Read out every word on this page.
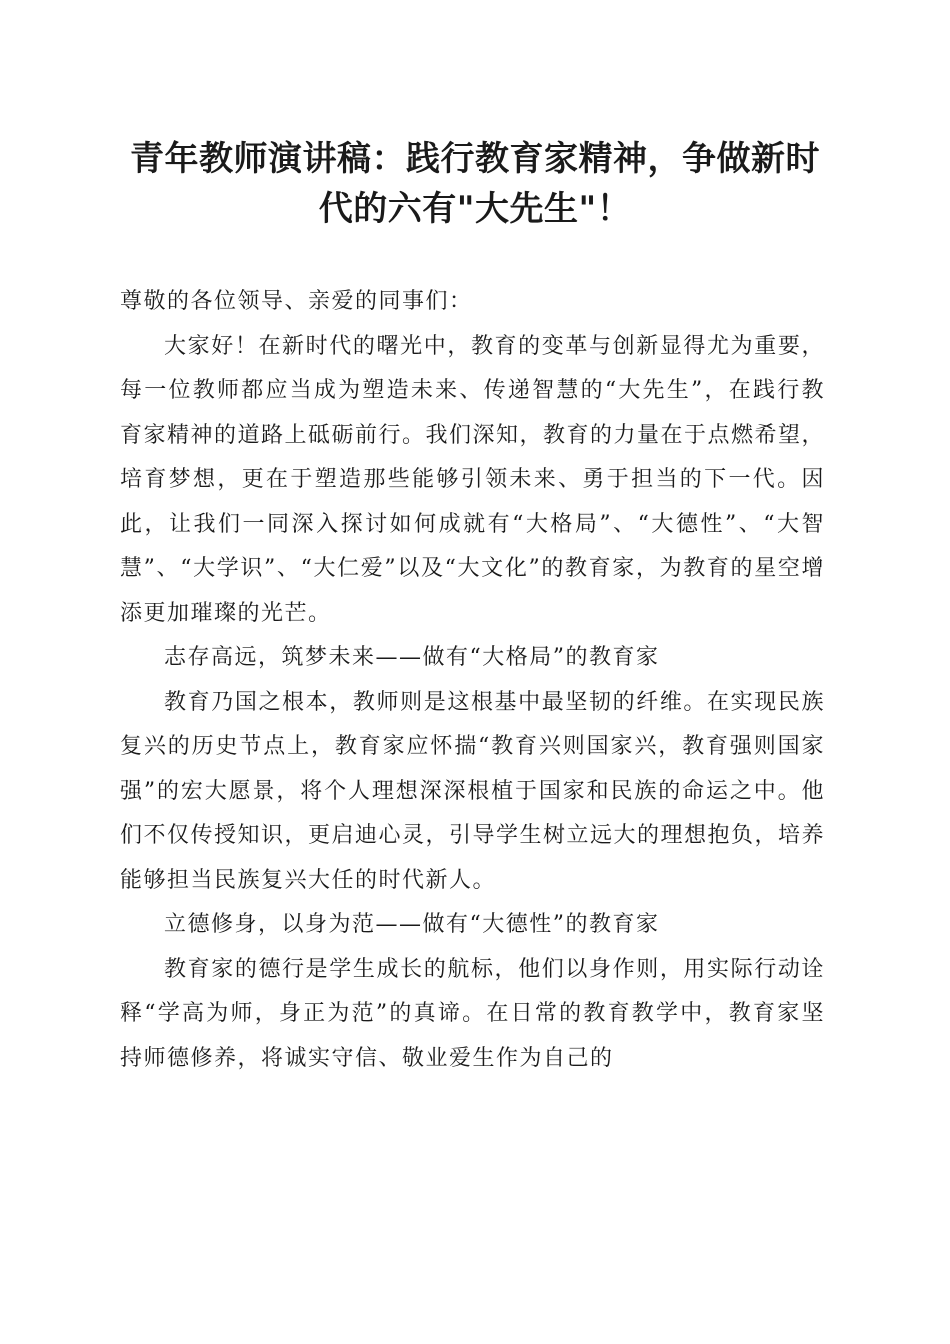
青年教师演讲稿：践行教育家精神，争做新时
代的六有"大先生"！

尊敬的各位领导、亲爱的同事们：

大家好！在新时代的曙光中，教育的变革与创新显得尤为重要，每一位教师都应当成为塑造未来、传递智慧的“大先生”，在践行教育家精神的道路上砥砺前行。我们深知，教育的力量在于点燃希望，培育梦想，更在于塑造那些能够引领未来、勇于担当的下一代。因此，让我们一同深入探讨如何成就有“大格局”、“大德性”、“大智慧”、“大学识”、“大仁爱”以及“大文化”的教育家，为教育的星空增添更加璀璨的光芒。

志存高远，筑梦未来——做有“大格局”的教育家

教育乃国之根本，教师则是这根基中最坚韧的纤维。在实现民族复兴的历史节点上，教育家应怀揣“教育兴则国家兴，教育强则国家强”的宏大愿景，将个人理想深深根植于国家和民族的命运之中。他们不仅传授知识，更启迪心灵，引导学生树立远大的理想抱负，培养能够担当民族复兴大任的时代新人。

立德修身，以身为范——做有“大德性”的教育家

教育家的德行是学生成长的航标，他们以身作则，用实际行动诠释“学高为师，身正为范”的真谛。在日常的教育教学中，教育家坚持师德修养，将诚实守信、敬业爱生作为自己的
